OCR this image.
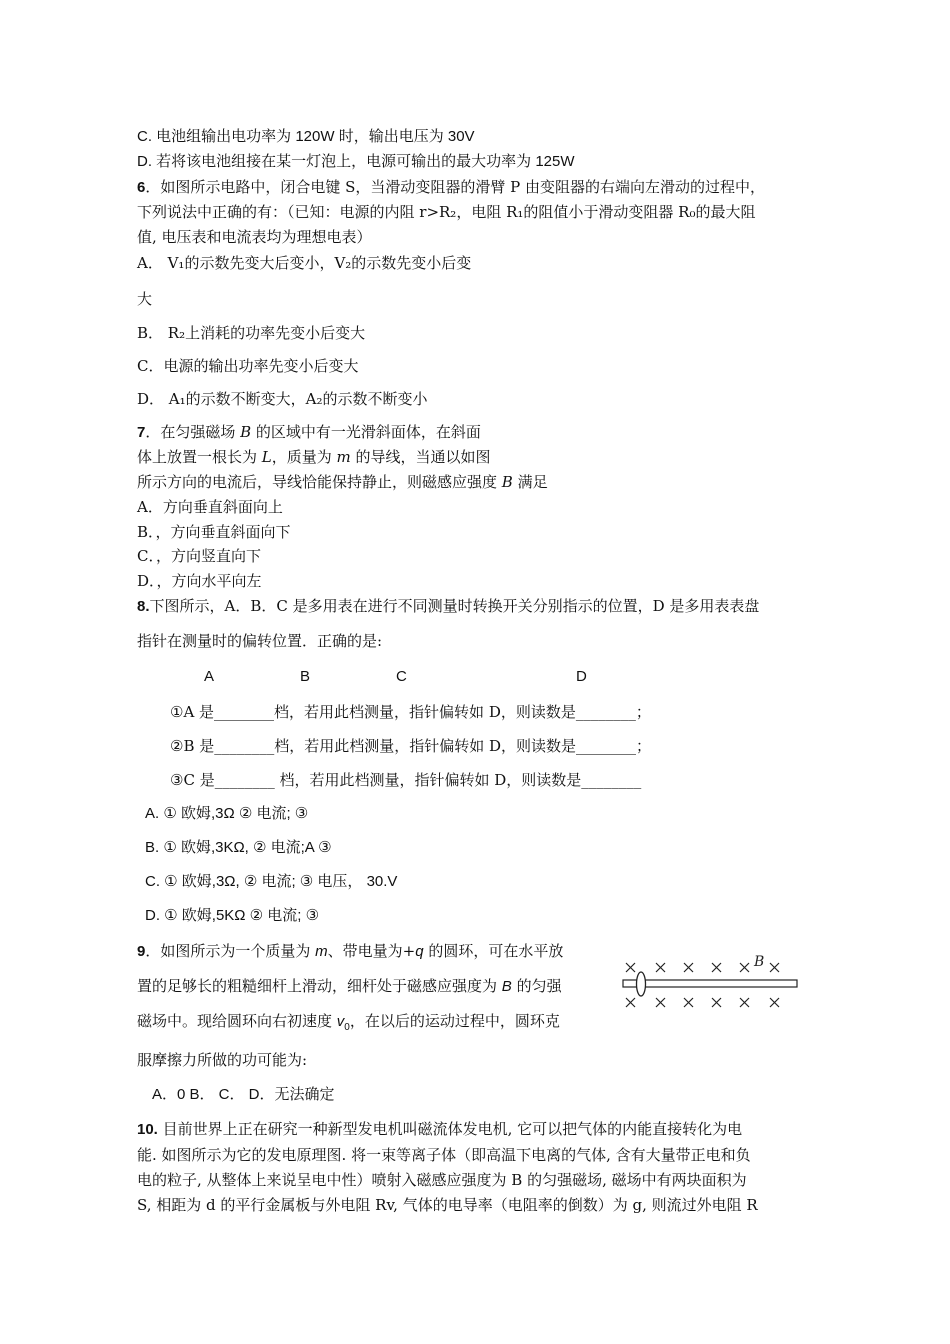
C. 电池组输出电功率为 120W 时，输出电压为 30V
D. 若将该电池组接在某一灯泡上，电源可输出的最大功率为 125W
6．如图所示电路中，闭合电键 S，当滑动变阻器的滑臂 P 由变阻器的右端向左滑动的过程中，
下列说法中正确的有：（已知：电源的内阻 r>R₂，电阻 R₁的阻值小于滑动变阻器 R₀的最大阻
值, 电压表和电流表均为理想电表）
A． V₁的示数先变大后变小，V₂的示数先变小后变
大
B． R₂上消耗的功率先变小后变大
C．电源的输出功率先变小后变大
D． A₁的示数不断变大，A₂的示数不断变小
7．在匀强磁场 B 的区域中有一光滑斜面体，在斜面
体上放置一根长为 L，质量为 m 的导线，当通以如图
所示方向的电流后，导线恰能保持静止，则磁感应强度 B 满足
A．方向垂直斜面向上
B．，方向垂直斜面向下
C．，方向竖直向下
D．，方向水平向左
8.下图所示，A．B．C 是多用表在进行不同测量时转换开关分别指示的位置，D 是多用表表盘
指针在测量时的偏转位置．正确的是:
A	B	C	D
①A 是________档，若用此档测量，指针偏转如 D，则读数是________；
②B 是________档，若用此档测量，指针偏转如 D，则读数是________；
③C 是________ 档，若用此档测量，指针偏转如 D，则读数是________
A. ① 欧姆,3Ω ② 电流; ③
B. ① 欧姆,3KΩ, ② 电流;A ③
C. ① 欧姆,3Ω, ② 电流; ③ 电压， 30.V
D. ① 欧姆,5KΩ ② 电流; ③
9．如图所示为一个质量为 m、带电量为+q 的圆环，可在水平放
置的足够长的粗糙细杆上滑动，细杆处于磁感应强度为 B 的匀强
磁场中。现给圆环向右初速度 $v_0$，在以后的运动过程中，圆环克
服摩擦力所做的功可能为:
A．0 B． C． D．无法确定
B
10. 目前世界上正在研究一种新型发电机叫磁流体发电机, 它可以把气体的内能直接转化为电
能. 如图所示为它的发电原理图. 将一束等离子体（即高温下电离的气体, 含有大量带正电和负
电的粒子, 从整体上来说呈电中性）喷射入磁感应强度为 B 的匀强磁场, 磁场中有两块面积为
S, 相距为 d 的平行金属板与外电阻 Rv, 气体的电导率（电阻率的倒数）为 g, 则流过外电阻 R
